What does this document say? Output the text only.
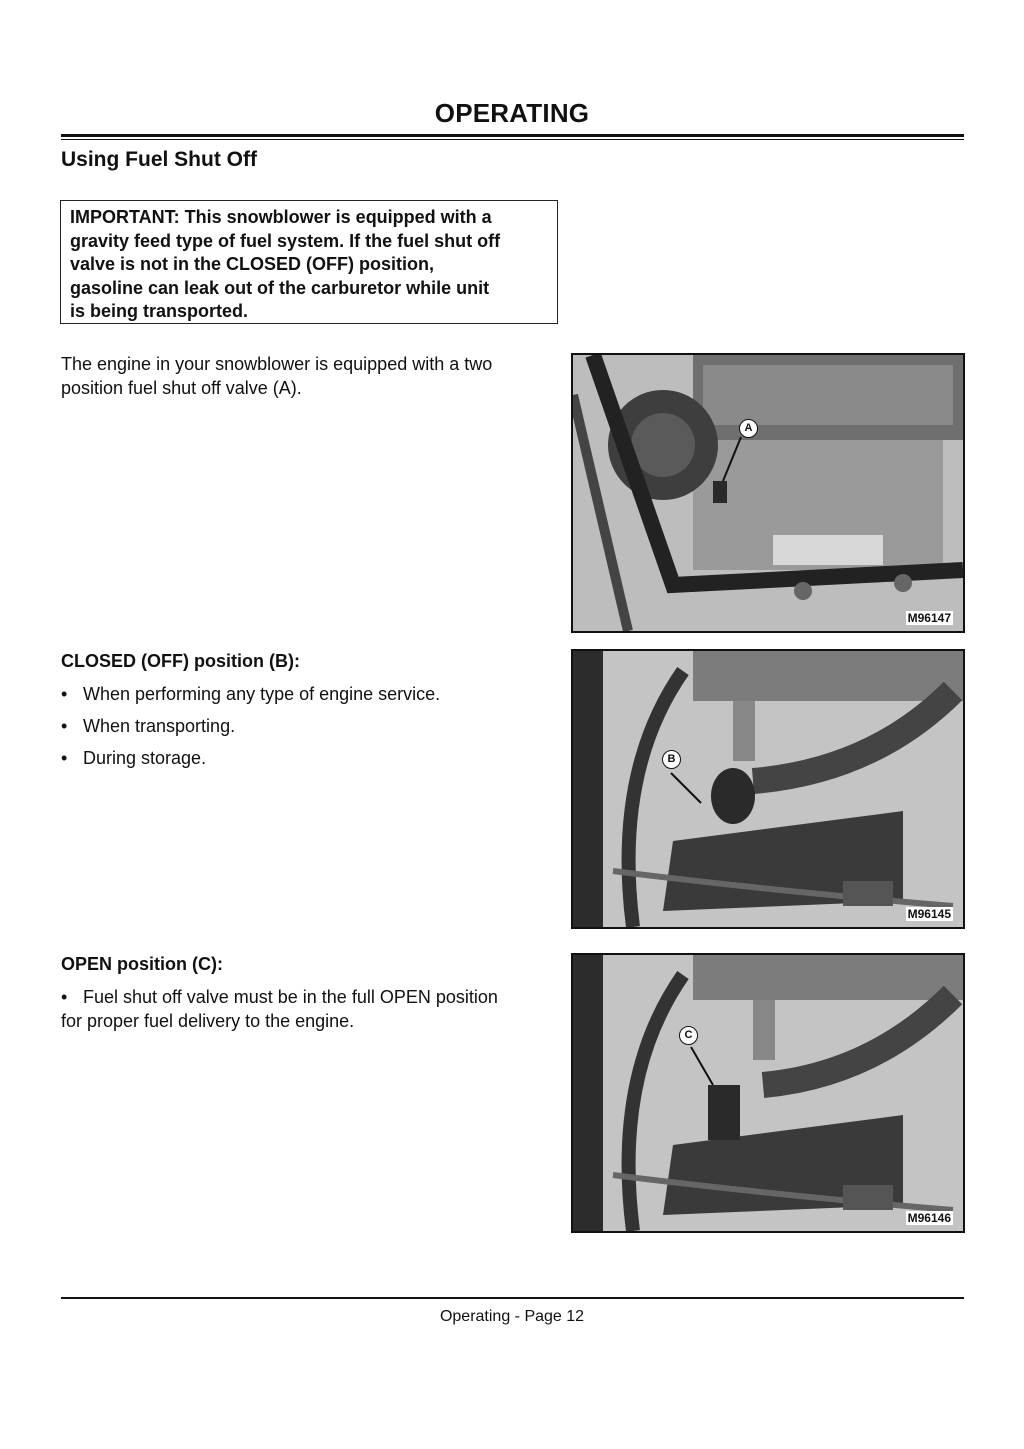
OPERATING
Using Fuel Shut Off
IMPORTANT: This snowblower is equipped with a
gravity feed type of fuel system. If the fuel shut off
valve is not in the CLOSED (OFF) position,
gasoline can leak out of the carburetor while unit
is being transported.
The engine in your snowblower is equipped with a two
position fuel shut off valve (A).
A
M96147
CLOSED (OFF) position (B):
• When performing any type of engine service.
• When transporting.
• During storage.	B
M96145
OPEN position (C):
• Fuel shut off valve must be in the full OPEN position
for proper fuel delivery to the engine.
C
M96146
Operating - Page 12
